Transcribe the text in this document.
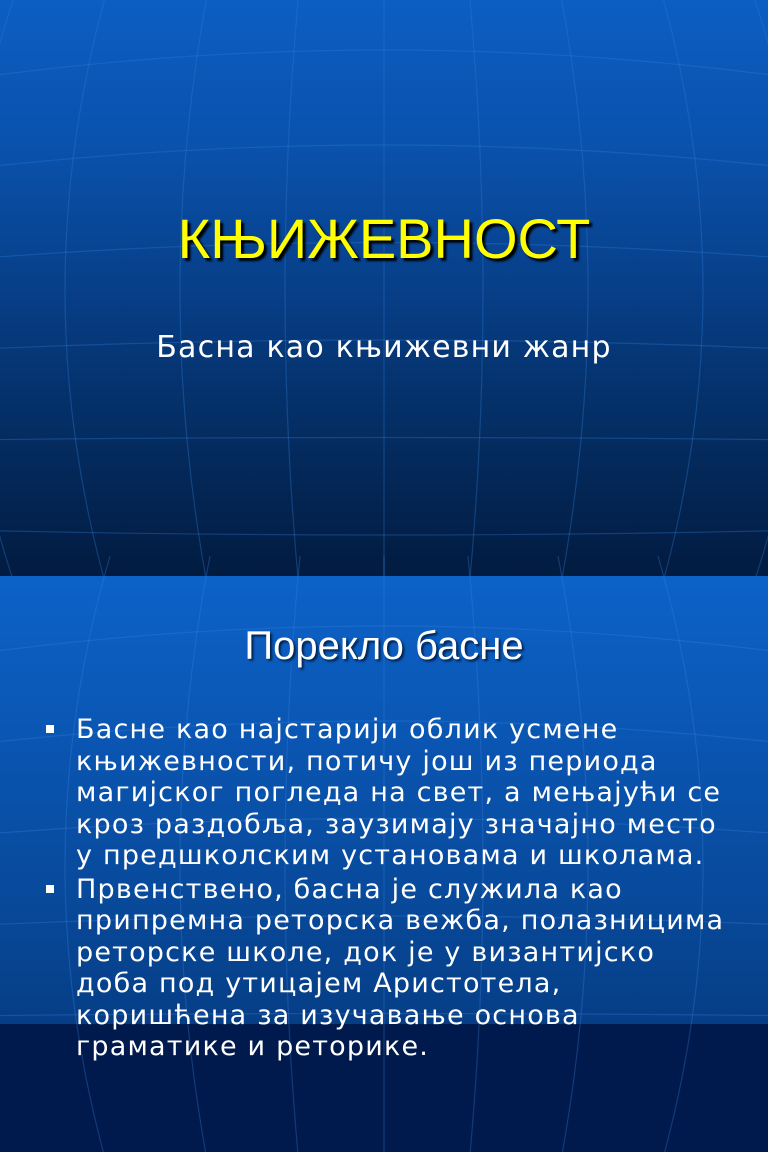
КЊИЖЕВНОСТ

Басна као књижевни жанр

Порекло басне
Басне као најстарији облик усмене књижевности, потичу још из периода магијског погледа на свет, а мењајући се кроз раздобља, заузимају значајно место у предшколским установама и школама.
Првенствено, басна је служила као припремна реторска вежба, полазницима реторске школе, док је у византијско доба под утицајем Аристотела, коришћена за изучавање основа граматике и реторике.
